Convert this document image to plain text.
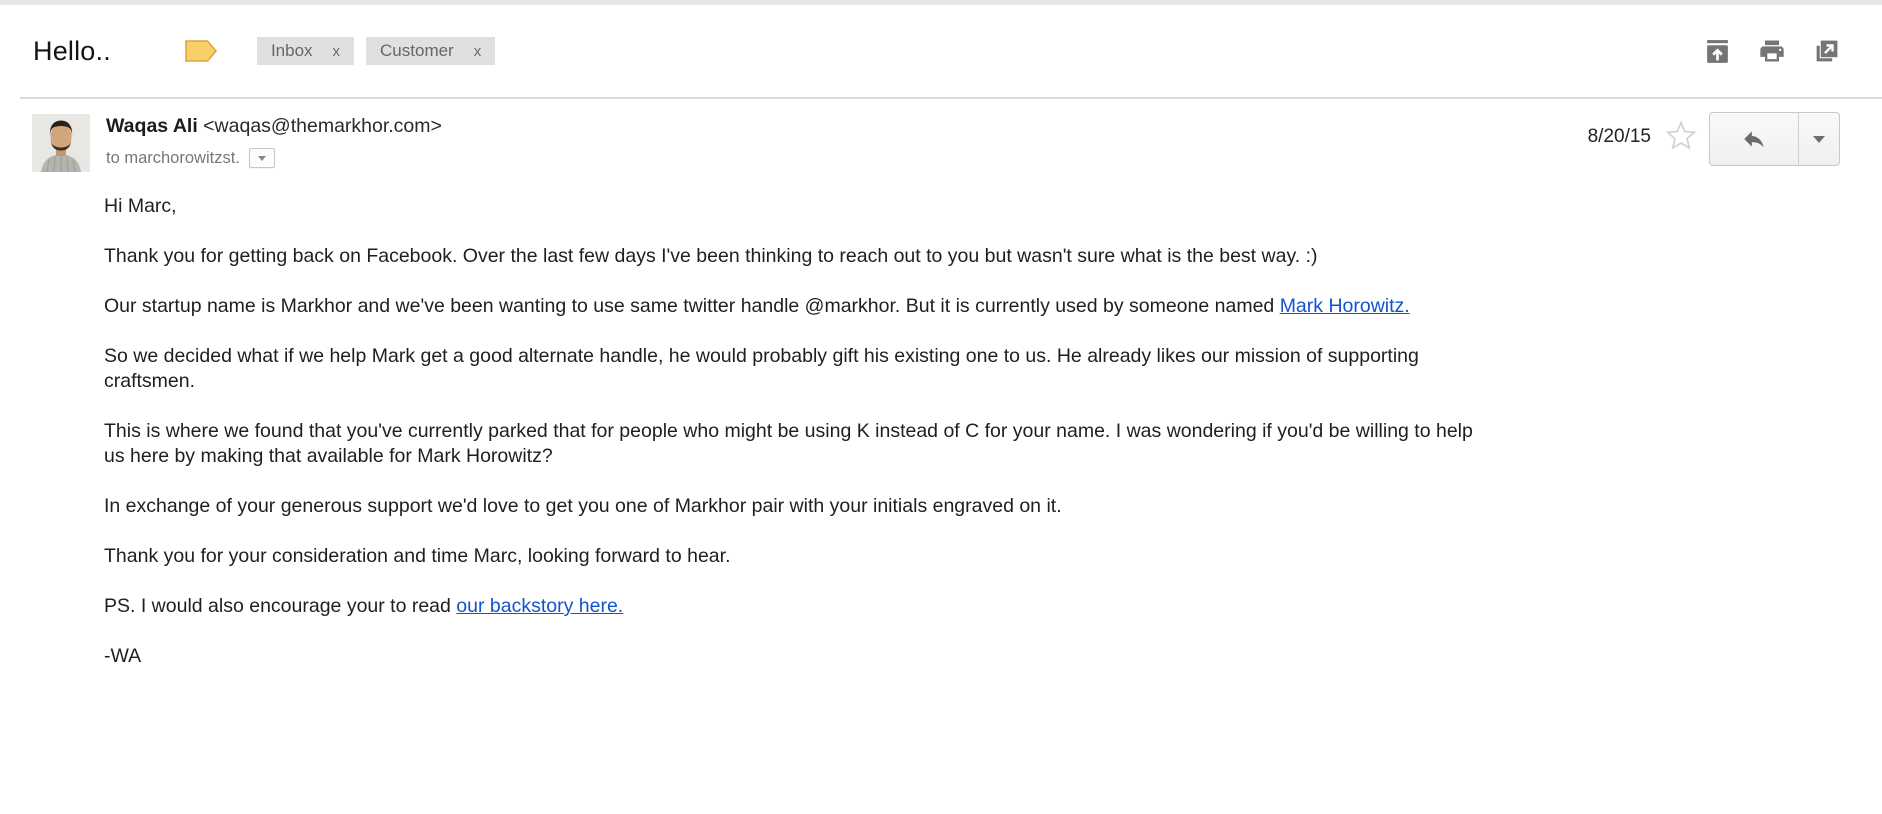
Hello..	Inbox x Customer x
Waqas Ali <waqas@themarkhor.com>
to marchorowitzst.
8/20/15

Hi Marc,

Thank you for getting back on Facebook. Over the last few days I've been thinking to reach out to you but wasn't sure what is the best way. :)

Our startup name is Markhor and we've been wanting to use same twitter handle @markhor. But it is currently used by someone named Mark Horowitz.

So we decided what if we help Mark get a good alternate handle, he would probably gift his existing one to us. He already likes our mission of supporting craftsmen.

This is where we found that you've currently parked that for people who might be using K instead of C for your name. I was wondering if you'd be willing to help us here by making that available for Mark Horowitz?

In exchange of your generous support we'd love to get you one of Markhor pair with your initials engraved on it.

Thank you for your consideration and time Marc, looking forward to hear.

PS. I would also encourage your to read our backstory here.

-WA
